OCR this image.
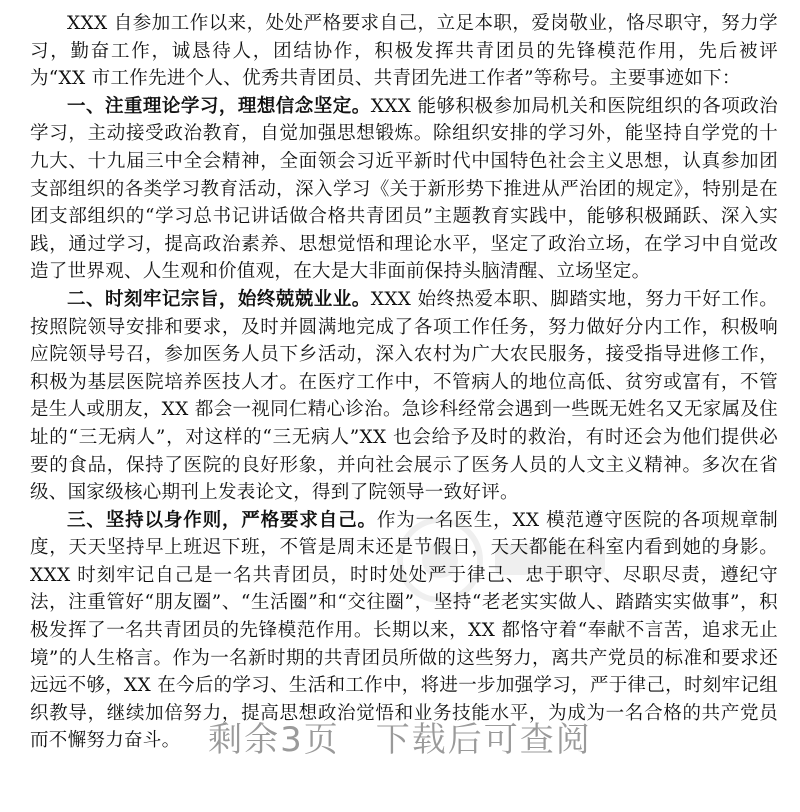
XXX 自参加工作以来，处处严格要求自己，立足本职，爱岗敬业，恪尽职守，努力学习，勤奋工作，诚恳待人，团结协作，积极发挥共青团员的先锋模范作用，先后被评为“XX 市工作先进个人、优秀共青团员、共青团先进工作者”等称号。主要事迹如下：

一、注重理论学习，理想信念坚定。XXX 能够积极参加局机关和医院组织的各项政治学习，主动接受政治教育，自觉加强思想锻炼。除组织安排的学习外，能坚持自学党的十九大、十九届三中全会精神，全面领会习近平新时代中国特色社会主义思想，认真参加团支部组织的各类学习教育活动，深入学习《关于新形势下推进从严治团的规定》，特别是在团支部组织的“学习总书记讲话做合格共青团员”主题教育实践中，能够积极踊跃、深入实践，通过学习，提高政治素养、思想觉悟和理论水平，坚定了政治立场，在学习中自觉改造了世界观、人生观和价值观，在大是大非面前保持头脑清醒、立场坚定。

二、时刻牢记宗旨，始终兢兢业业。XXX 始终热爱本职、脚踏实地，努力干好工作。按照院领导安排和要求，及时并圆满地完成了各项工作任务，努力做好分内工作，积极响应院领导号召，参加医务人员下乡活动，深入农村为广大农民服务，接受指导进修工作，积极为基层医院培养医技人才。在医疗工作中，不管病人的地位高低、贫穷或富有，不管是生人或朋友，XX 都会一视同仁精心诊治。急诊科经常会遇到一些既无姓名又无家属及住址的“三无病人”，对这样的“三无病人”XX 也会给予及时的救治，有时还会为他们提供必要的食品，保持了医院的良好形象，并向社会展示了医务人员的人文主义精神。多次在省级、国家级核心期刊上发表论文，得到了院领导一致好评。

三、坚持以身作则，严格要求自己。作为一名医生，XX 模范遵守医院的各项规章制度，天天坚持早上班迟下班，不管是周末还是节假日，天天都能在科室内看到她的身影。XXX 时刻牢记自己是一名共青团员，时时处处严于律己、忠于职守、尽职尽责，遵纪守法，注重管好“朋友圈”、“生活圈”和“交往圈”，坚持“老老实实做人、踏踏实实做事”，积极发挥了一名共青团员的先锋模范作用。长期以来，XX 都恪守着“奉献不言苦，追求无止境”的人生格言。作为一名新时期的共青团员所做的这些努力，离共产党员的标准和要求还远远不够，XX 在今后的学习、生活和工作中，将进一步加强学习，严于律己，时刻牢记组织教导，继续加倍努力，提高思想政治觉悟和业务技能水平，为成为一名合格的共产党员而不懈努力奋斗。 剩余3页　下载后可查阅
